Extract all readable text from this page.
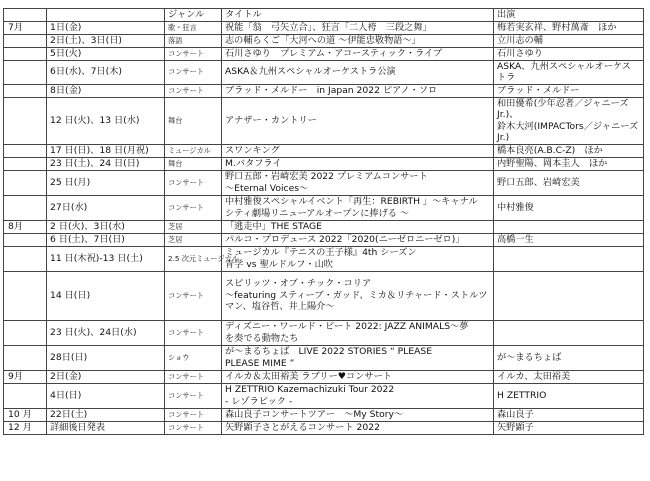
		ジャンル	タイトル	出演
7月	1日(金)	歌・狂言	祝能「翁　弓矢立合」、狂言「二人袴　三段之舞」	梅若実玄祥、野村萬斎　ほか
	2日(土)、3日(日)	落語	志の輔らくご「大河への道 ～伊能忠敬物語～」	立川志の輔
	5日(火)	コンサート	石川さゆり　プレミアム・アコースティック・ライブ	石川さゆり
	6日(水)、7日(木)	コンサート	ASKA＆九州スペシャルオーケストラ公演	ASKA、九州スペシャルオーケストラ
	8日(金)	コンサート	ブラッド・メルドー　in Japan 2022 ピアノ・ソロ	ブラッド・メルドー
	12 日(火)、13 日(水)	舞台	アナザー・カントリー	和田優希(少年忍者／ジャニーズJr.)、
鈴木大河(IMPACTors／ジャニーズJr.)
	17 日(日)、18 日(月祝)	ミュージカル	スワンキング	橋本良亮(A.B.C-Z)　ほか
	23 日(土)、24 日(日)	舞台	M.バタフライ	内野聖陽、岡本圭人　ほか
	25 日(月)	コンサート	野口五郎・岩崎宏美 2022 プレミアムコンサート
～Eternal Voices～	野口五郎、岩崎宏美
	27日(水)	コンサート	中村雅俊スペシャルイベント「再生：REBIRTH 」～キャナル
シティ劇場リニューアルオープンに捧げる ～	中村雅俊
8月	2 日(火)、3日(水)	芝居	「逃走中」THE STAGE	
	6 日(土)、7日(日)	芝居	パルコ・プロデュース 2022「2020(ニーゼロニーゼロ)」	高橋一生
	11 日(木祝)-13 日(土)	2.5 次元ミュージカル	ミュージカル『テニスの王子様』4th シーズン
青学 vs 聖ルドルフ・山吹	
	14 日(日)	コンサート	スピリッツ・オブ・チック・コリア
～featuring スティーブ・ガッド、ミカ＆リチャード・ストルツマン、塩谷哲、井上陽介～	
	23 日(火)、24日(水)	コンサート	ディズニー・ワールド・ビート 2022: JAZZ ANIMALS～夢
を奏でる動物たち	
	28日(日)	ショウ	が～まるちょば　LIVE 2022 STORIES “ PLEASE
PLEASE MIME ”	が～まるちょば
9月	2日(金)	コンサート	イルカ＆太田裕美 ラブリー♥コンサート	イルカ、太田裕美
	4日(日)	コンサート	H ZETTRIO Kazemachizuki Tour 2022
- レゾラピック -	H ZETTRIO
10 月	22日(土)	コンサート	森山良子コンサートツアー　～My Story～	森山良子
12 月	詳細後日発表	コンサート	矢野顕子さとがえるコンサート 2022	矢野顕子
